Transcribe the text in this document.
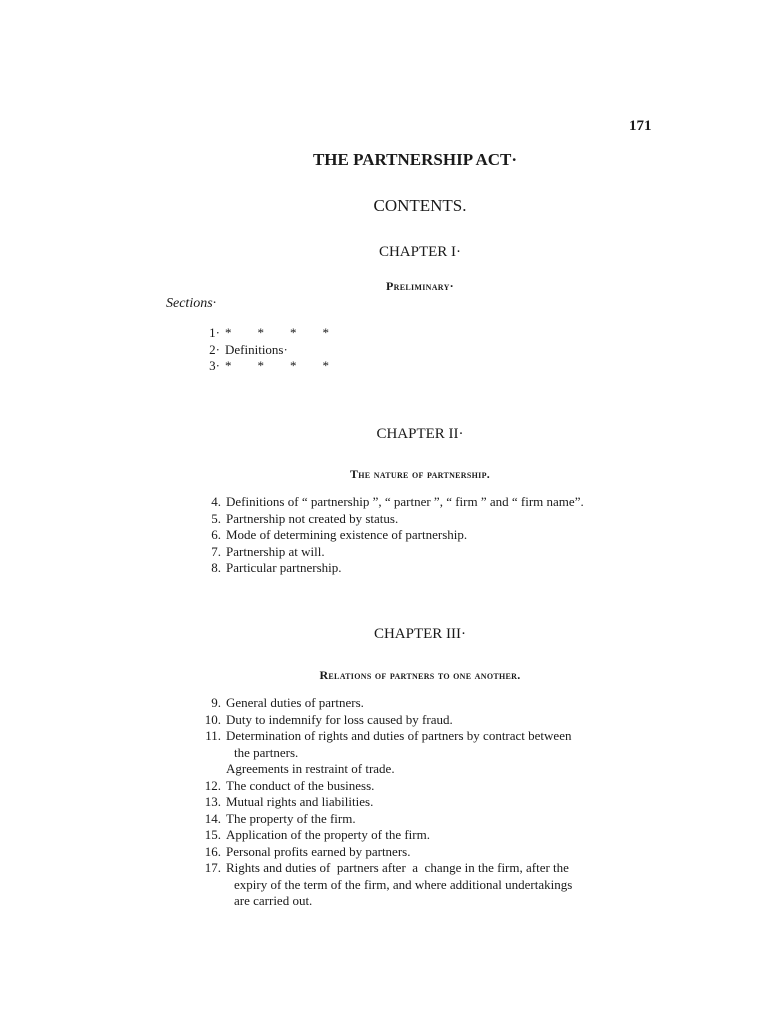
171
THE PARTNERSHIP ACT·
CONTENTS.
CHAPTER I·
Preliminary·
Sections·
1· *        *        *        *
2· Definitions·
3· *        *        *        *
CHAPTER II·
The nature of partnership.
4. Definitions of “ partnership ”, “ partner ”, “ firm ” and “ firm name”.
5. Partnership not created by status.
6. Mode of determining existence of partnership.
7. Partnership at will.
8. Particular partnership.
CHAPTER III·
Relations of partners to one another.
9. General duties of partners.
10. Duty to indemnify for loss caused by fraud.
11. Determination of rights and duties of partners by contract between
the partners.
Agreements in restraint of trade.
12. The conduct of the business.
13. Mutual rights and liabilities.
14. The property of the firm.
15. Application of the property of the firm.
16. Personal profits earned by partners.
17. Rights and duties of  partners after  a  change in the firm, after the
expiry of the term of the firm, and where additional undertakings
are carried out.
